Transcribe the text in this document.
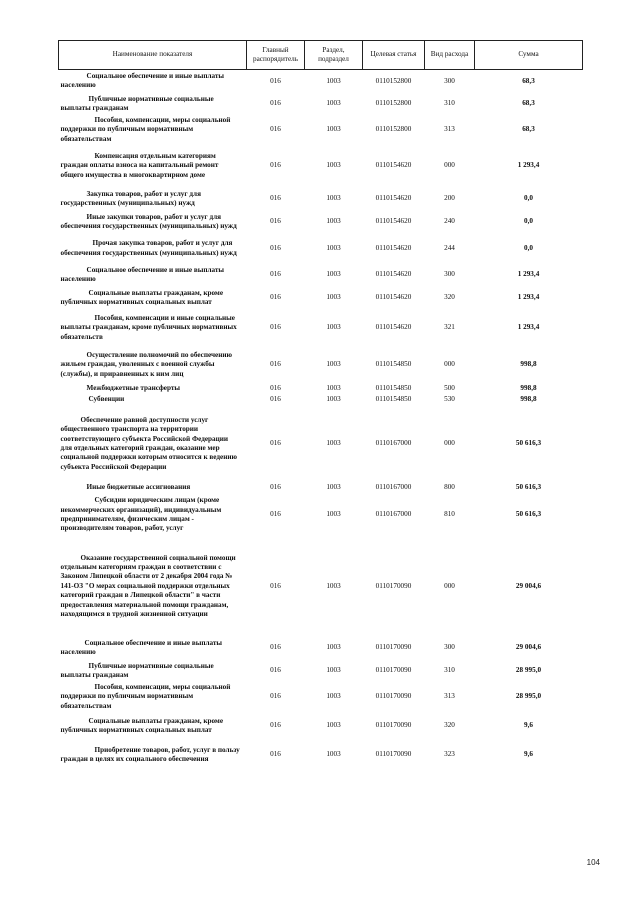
Наименование показателя	Главный распорядитель	Раздел, подраздел	Целевая статья	Вид расхода	Сумма
Социальное обеспечение и иные выплаты населению	016	1003	0110152800	300	68,3
Публичные нормативные социальные выплаты гражданам	016	1003	0110152800	310	68,3
Пособия, компенсации, меры социальной поддержки по публичным нормативным обязательствам	016	1003	0110152800	313	68,3
Компенсация отдельным категориям граждан оплаты взноса на капитальный ремонт общего имущества в многоквартирном доме	016	1003	0110154620	000	1 293,4
Закупка товаров, работ и услуг для государственных (муниципальных) нужд	016	1003	0110154620	200	0,0
Иные закупки товаров, работ и услуг для обеспечения государственных (муниципальных) нужд	016	1003	0110154620	240	0,0
Прочая закупка товаров, работ и услуг для обеспечения государственных (муниципальных) нужд	016	1003	0110154620	244	0,0
Социальное обеспечение и иные выплаты населению	016	1003	0110154620	300	1 293,4
Социальные выплаты гражданам, кроме публичных нормативных социальных выплат	016	1003	0110154620	320	1 293,4
Пособия, компенсации и иные социальные выплаты гражданам, кроме публичных нормативных обязательств	016	1003	0110154620	321	1 293,4
Осуществление полномочий по обеспечению жильем граждан, уволенных с военной службы (службы), и приравненных к ним лиц	016	1003	0110154850	000	998,8
Межбюджетные трансферты	016	1003	0110154850	500	998,8
Субвенции	016	1003	0110154850	530	998,8
Обеспечение равной доступности услуг общественного транспорта на территории соответствующего субъекта Российской Федерации для отдельных категорий граждан, оказание мер социальной поддержки которым относится к ведению субъекта Российской Федерации	016	1003	0110167000	000	50 616,3
Иные бюджетные ассигнования	016	1003	0110167000	800	50 616,3
Субсидии юридическим лицам (кроме некоммерческих организаций), индивидуальным предпринимателям, физическим лицам - производителям товаров, работ, услуг	016	1003	0110167000	810	50 616,3
Оказание государственной социальной помощи отдельным категориям граждан в соответствии с Законом Липецкой области от 2 декабря 2004 года № 141-ОЗ "О мерах социальной поддержки отдельных категорий граждан в Липецкой области" в части предоставления материальной помощи гражданам, находящимся в трудной жизненной ситуации	016	1003	0110170090	000	29 004,6
Социальное обеспечение и иные выплаты населению	016	1003	0110170090	300	29 004,6
Публичные нормативные социальные выплаты гражданам	016	1003	0110170090	310	28 995,0
Пособия, компенсации, меры социальной поддержки по публичным нормативным обязательствам	016	1003	0110170090	313	28 995,0
Социальные выплаты гражданам, кроме публичных нормативных социальных выплат	016	1003	0110170090	320	9,6
Приобретение товаров, работ, услуг в пользу граждан в целях их социального обеспечения	016	1003	0110170090	323	9,6
104
